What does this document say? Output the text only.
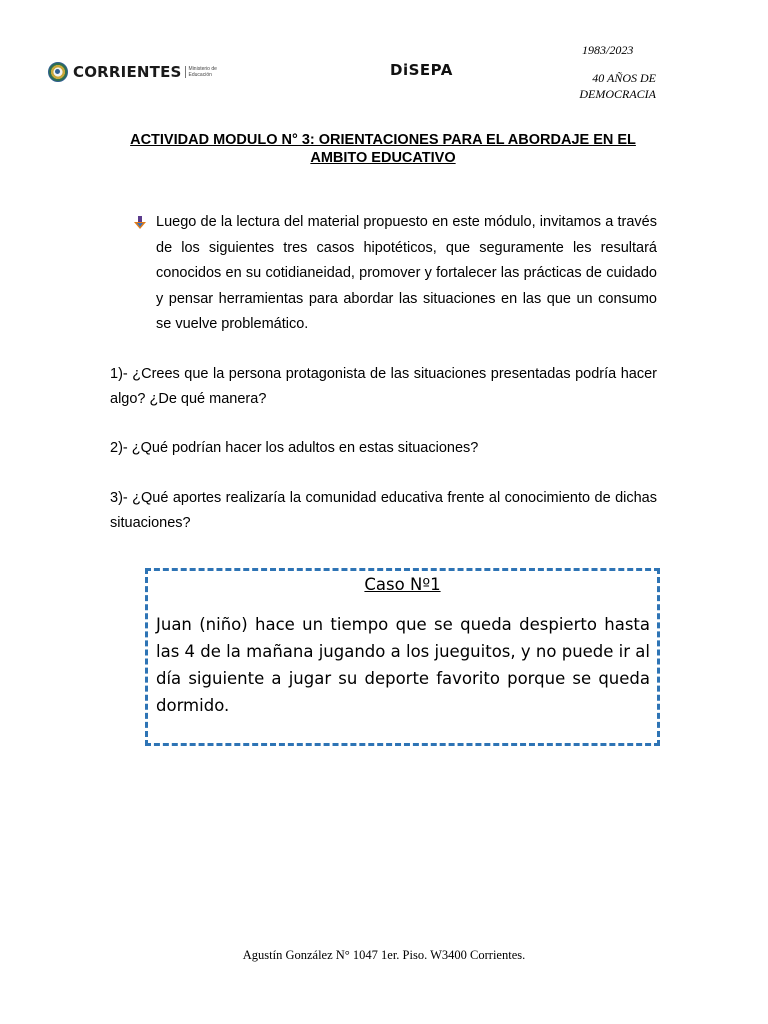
CORRIENTES Ministerio de
Educación	DiSEPA
1983/2023
40 AÑOS DE
DEMOCRACIA
ACTIVIDAD MODULO N° 3: ORIENTACIONES PARA EL ABORDAJE EN EL
AMBITO EDUCATIVO
Luego de la lectura del material propuesto en este módulo, invitamos a través de los siguientes tres casos hipotéticos, que seguramente les resultará conocidos en su cotidianeidad, promover y fortalecer las prácticas de cuidado y pensar herramientas para abordar las situaciones en las que un consumo se vuelve problemático.
1)- ¿Crees que la persona protagonista de las situaciones presentadas podría hacer algo? ¿De qué manera?
2)- ¿Qué podrían hacer los adultos en estas situaciones?
3)- ¿Qué aportes realizaría la comunidad educativa frente al conocimiento de dichas situaciones?
Caso Nº1
Juan (niño) hace un tiempo que se queda despierto hasta las 4 de la mañana jugando a los jueguitos, y no puede ir al día siguiente a jugar su deporte favorito porque se queda dormido.
Agustín González N° 1047 1er. Piso. W3400 Corrientes.
